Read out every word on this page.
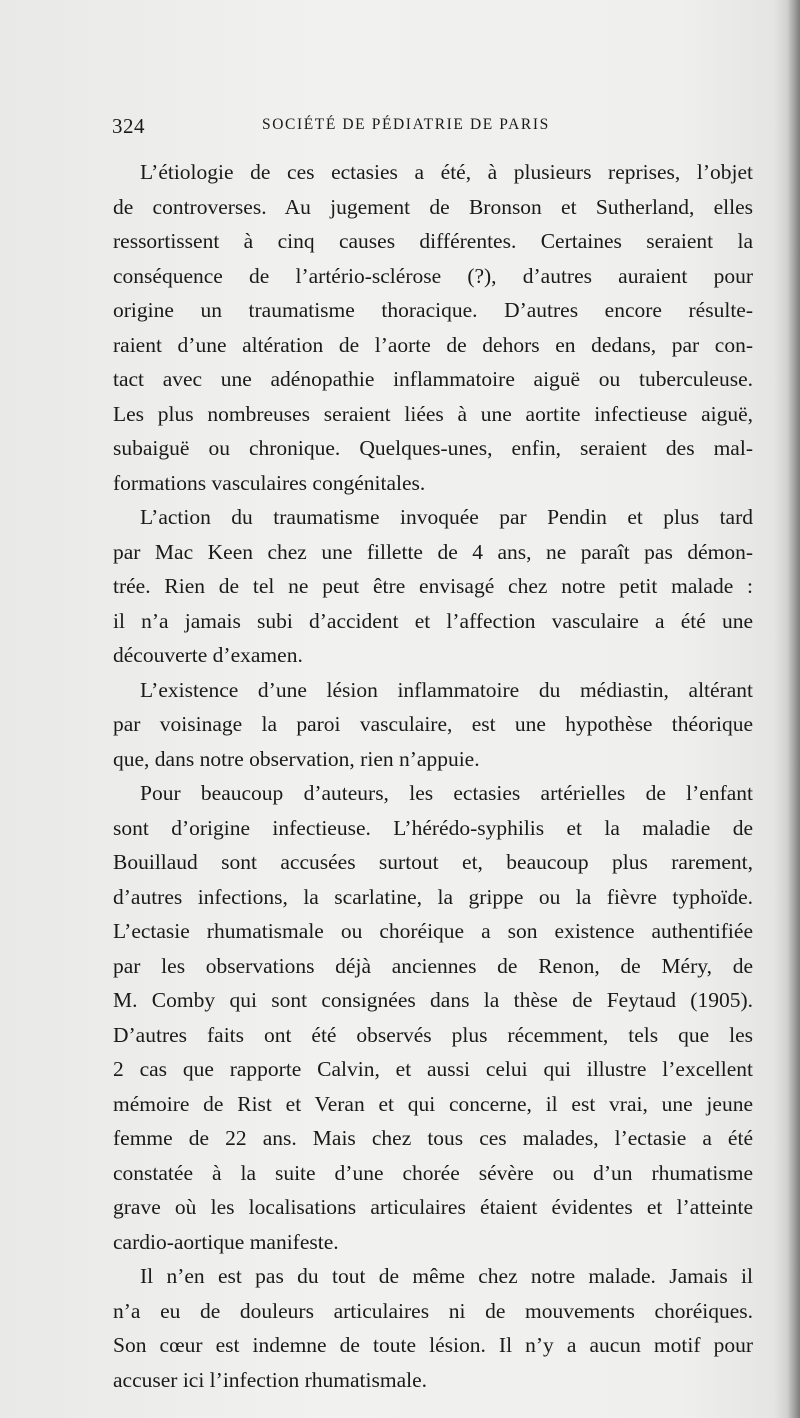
324	SOCIÉTÉ DE PÉDIATRIE DE PARIS
L’étiologie de ces ectasies a été, à plusieurs reprises, l’objet
de controverses. Au jugement de Bronson et Sutherland, elles
ressortissent à cinq causes différentes. Certaines seraient la
conséquence de l’artério-sclérose (?), d’autres auraient pour
origine un traumatisme thoracique. D’autres encore résulte-
raient d’une altération de l’aorte de dehors en dedans, par con-
tact avec une adénopathie inflammatoire aiguë ou tuberculeuse.
Les plus nombreuses seraient liées à une aortite infectieuse aiguë,
subaiguë ou chronique. Quelques-unes, enfin, seraient des mal-
formations vasculaires congénitales.
L’action du traumatisme invoquée par Pendin et plus tard
par Mac Keen chez une fillette de 4 ans, ne paraît pas démon-
trée. Rien de tel ne peut être envisagé chez notre petit malade :
il n’a jamais subi d’accident et l’affection vasculaire a été une
découverte d’examen.
L’existence d’une lésion inflammatoire du médiastin, altérant
par voisinage la paroi vasculaire, est une hypothèse théorique
que, dans notre observation, rien n’appuie.
Pour beaucoup d’auteurs, les ectasies artérielles de l’enfant
sont d’origine infectieuse. L’hérédo-syphilis et la maladie de
Bouillaud sont accusées surtout et, beaucoup plus rarement,
d’autres infections, la scarlatine, la grippe ou la fièvre typhoïde.
L’ectasie rhumatismale ou choréique a son existence authentifiée
par les observations déjà anciennes de Renon, de Méry, de
M. Comby qui sont consignées dans la thèse de Feytaud (1905).
D’autres faits ont été observés plus récemment, tels que les
2 cas que rapporte Calvin, et aussi celui qui illustre l’excellent
mémoire de Rist et Veran et qui concerne, il est vrai, une jeune
femme de 22 ans. Mais chez tous ces malades, l’ectasie a été
constatée à la suite d’une chorée sévère ou d’un rhumatisme
grave où les localisations articulaires étaient évidentes et l’atteinte
cardio-aortique manifeste.
Il n’en est pas du tout de même chez notre malade. Jamais il
n’a eu de douleurs articulaires ni de mouvements choréiques.
Son cœur est indemne de toute lésion. Il n’y a aucun motif pour
accuser ici l’infection rhumatismale.
